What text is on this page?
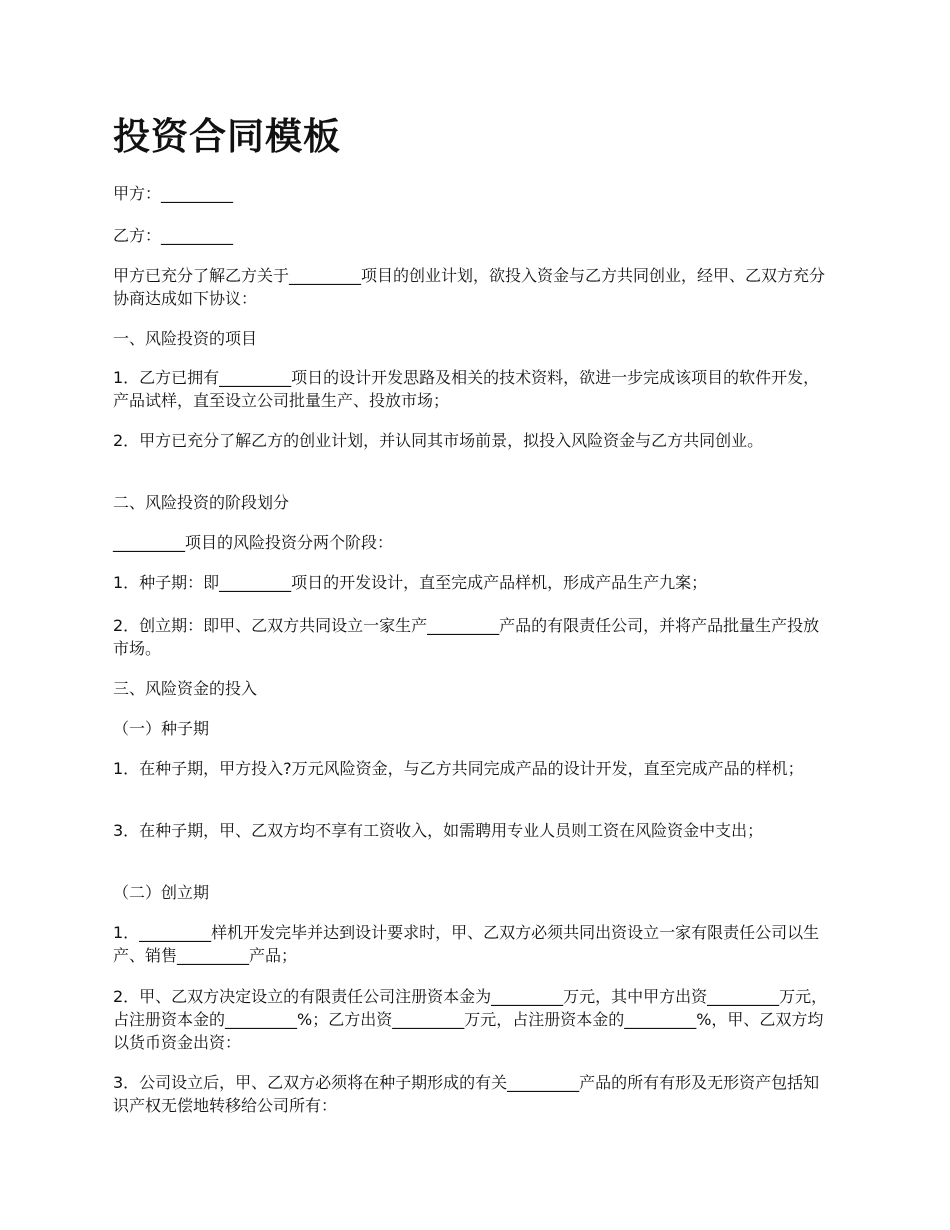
投资合同模板

甲方：_________

乙方：_________

甲方已充分了解乙方关于_________项目的创业计划，欲投入资金与乙方共同创业，经甲、乙双方充分协商达成如下协议：

一、风险投资的项目

1．乙方已拥有_________项日的设计开发思路及相关的技术资料，欲进一步完成该项目的软件开发，产品试样，直至设立公司批量生产、投放市场；

2．甲方已充分了解乙方的创业计划，并认同其市场前景，拟投入风险资金与乙方共同创业。

二、风险投资的阶段划分

_________项目的风险投资分两个阶段：

1．种子期：即_________项日的开发设计，直至完成产品样机，形成产品生产九案；

2．创立期：即甲、乙双方共同设立一家生产_________产品的有限责任公司，并将产品批量生产投放市场。

三、风险资金的投入

（一）种子期

1．在种子期，甲方投入?万元风险资金，与乙方共同完成产品的设计开发，直至完成产品的样机；

3．在种子期，甲、乙双方均不享有工资收入，如需聘用专业人员则工资在风险资金中支出；

（二）创立期

1．_________样机开发完毕并达到设计要求时，甲、乙双方必须共同出资设立一家有限责任公司以生产、销售_________产品；

2．甲、乙双方决定设立的有限责任公司注册资本金为_________万元，其中甲方出资_________万元，占注册资本金的_________%；乙方出资_________万元，占注册资本金的_________%，甲、乙双方均以货币资金出资：

3．公司设立后，甲、乙双方必须将在种子期形成的有关_________产品的所有有形及无形资产包括知识产权无偿地转移给公司所有：
